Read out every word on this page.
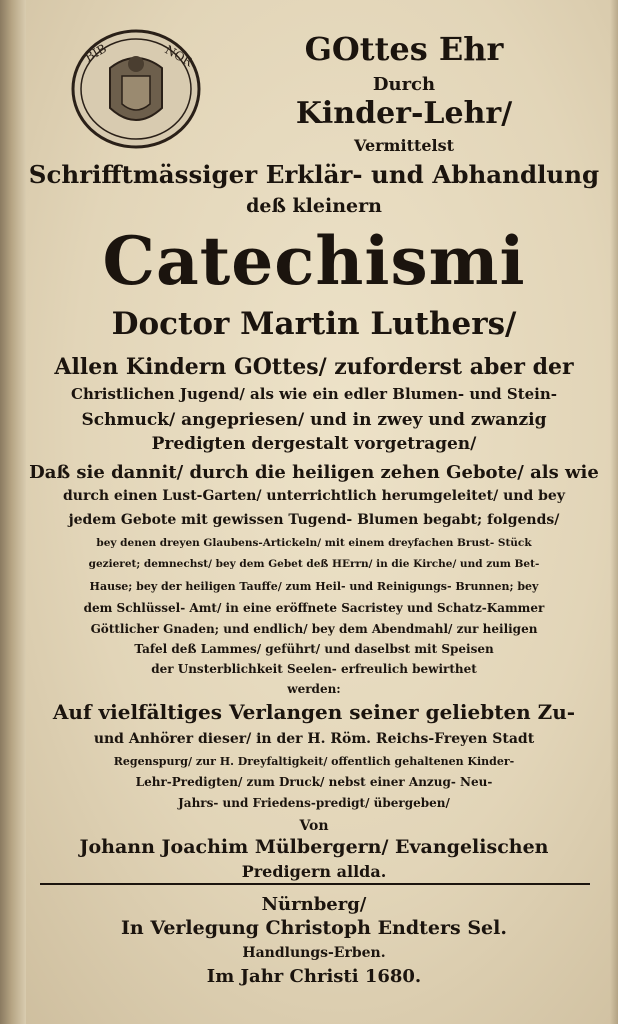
BIB	NOR	GOttes Ehr
Durch
Kinder-Lehr/
Vermittelst
Schrifftmässiger Erklär- und Abhandlung
deß kleinern
Catechismi
Doctor Martin Luthers/
Allen Kindern GOttes/ zuforderst aber der
Christlichen Jugend/ als wie ein edler Blumen- und Stein-
Schmuck/ angepriesen/ und in zwey und zwanzig
Predigten dergestalt vorgetragen/
Daß sie dannit/ durch die heiligen zehen Gebote/ als wie
durch einen Lust-Garten/ unterrichtlich herumgeleitet/ und bey
jedem Gebote mit gewissen Tugend- Blumen begabt; folgends/
bey denen dreyen Glaubens-Artickeln/ mit einem dreyfachen Brust- Stück
gezieret; demnechst/ bey dem Gebet deß HErrn/ in die Kirche/ und zum Bet-
Hause; bey der heiligen Tauffe/ zum Heil- und Reinigungs- Brunnen; bey
dem Schlüssel- Amt/ in eine eröffnete Sacristey und Schatz-Kammer
Göttlicher Gnaden; und endlich/ bey dem Abendmahl/ zur heiligen
Tafel deß Lammes/ geführt/ und daselbst mit Speisen
der Unsterblichkeit Seelen- erfreulich bewirthet
werden:
Auf vielfältiges Verlangen seiner geliebten Zu-
und Anhörer dieser/ in der H. Röm. Reichs-Freyen Stadt
Regenspurg/ zur H. Dreyfaltigkeit/ offentlich gehaltenen Kinder-
Lehr-Predigten/ zum Druck/ nebst einer Anzug- Neu-
Jahrs- und Friedens-predigt/ übergeben/
Von
Johann Joachim Mülbergern/ Evangelischen
Predigern allda.
Nürnberg/
In Verlegung Christoph Endters Sel.
Handlungs-Erben.
Im Jahr Christi 1680.
